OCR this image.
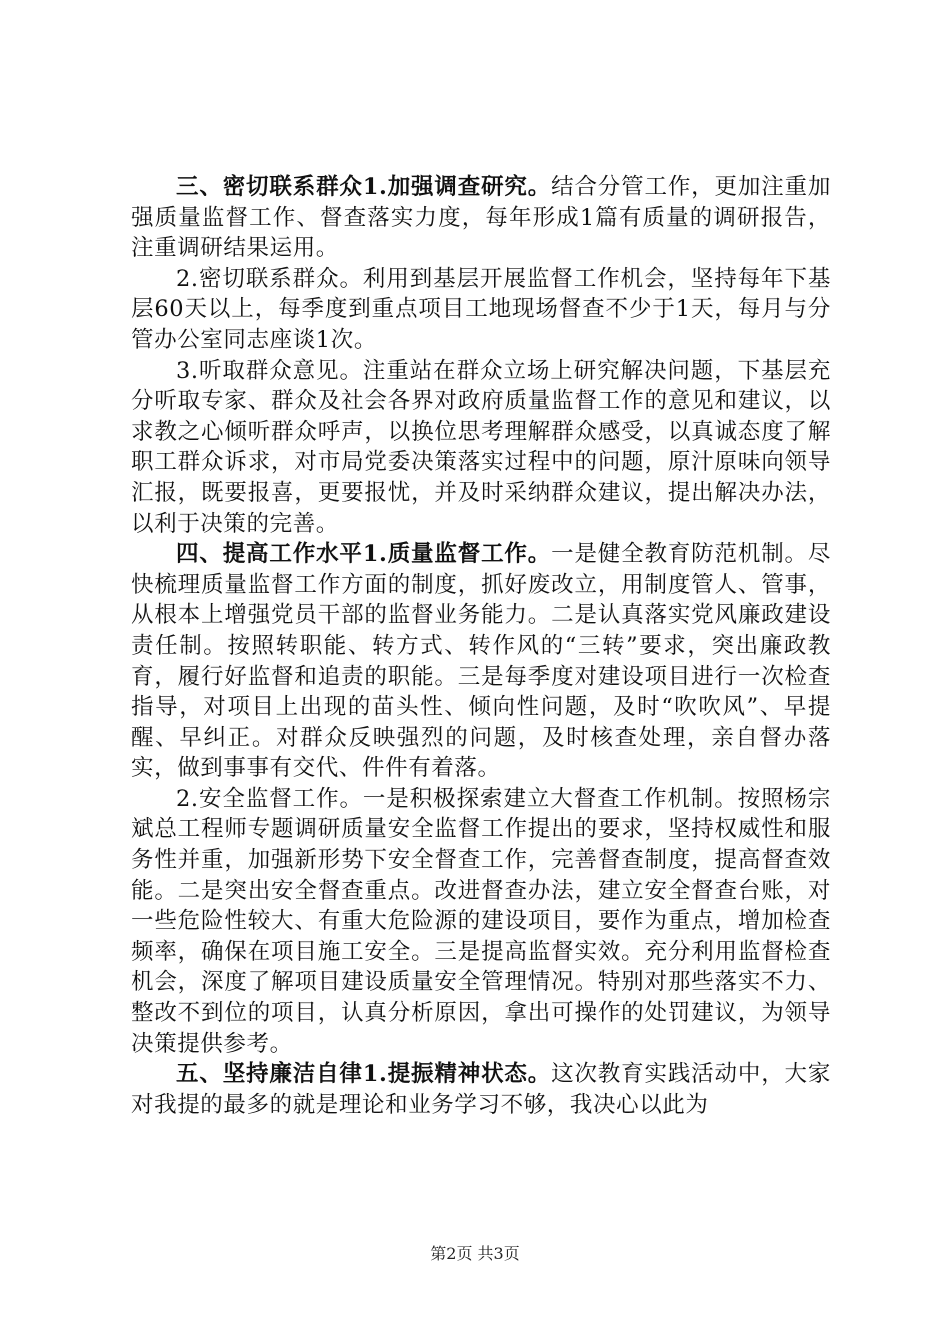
三、密切联系群众1.加强调查研究。结合分管工作，更加注重加强质量监督工作、督查落实力度，每年形成1篇有质量的调研报告，注重调研结果运用。

2.密切联系群众。利用到基层开展监督工作机会，坚持每年下基层60天以上，每季度到重点项目工地现场督查不少于1天，每月与分管办公室同志座谈1次。

3.听取群众意见。注重站在群众立场上研究解决问题，下基层充分听取专家、群众及社会各界对政府质量监督工作的意见和建议，以求教之心倾听群众呼声，以换位思考理解群众感受，以真诚态度了解职工群众诉求，对市局党委决策落实过程中的问题，原汁原味向领导汇报，既要报喜，更要报忧，并及时采纳群众建议，提出解决办法，以利于决策的完善。

四、提高工作水平1.质量监督工作。一是健全教育防范机制。尽快梳理质量监督工作方面的制度，抓好废改立，用制度管人、管事，从根本上增强党员干部的监督业务能力。二是认真落实党风廉政建设责任制。按照转职能、转方式、转作风的“三转”要求，突出廉政教育，履行好监督和追责的职能。三是每季度对建设项目进行一次检查指导，对项目上出现的苗头性、倾向性问题，及时“吹吹风”、早提醒、早纠正。对群众反映强烈的问题，及时核查处理，亲自督办落实，做到事事有交代、件件有着落。

2.安全监督工作。一是积极探索建立大督查工作机制。按照杨宗斌总工程师专题调研质量安全监督工作提出的要求，坚持权威性和服务性并重，加强新形势下安全督查工作，完善督查制度，提高督查效能。二是突出安全督查重点。改进督查办法，建立安全督查台账，对一些危险性较大、有重大危险源的建设项目，要作为重点，增加检查频率，确保在项目施工安全。三是提高监督实效。充分利用监督检查机会，深度了解项目建设质量安全管理情况。特别对那些落实不力、整改不到位的项目，认真分析原因，拿出可操作的处罚建议，为领导决策提供参考。

五、坚持廉洁自律1.提振精神状态。这次教育实践活动中，大家对我提的最多的就是理论和业务学习不够，我决心以此为

第2页 共3页
